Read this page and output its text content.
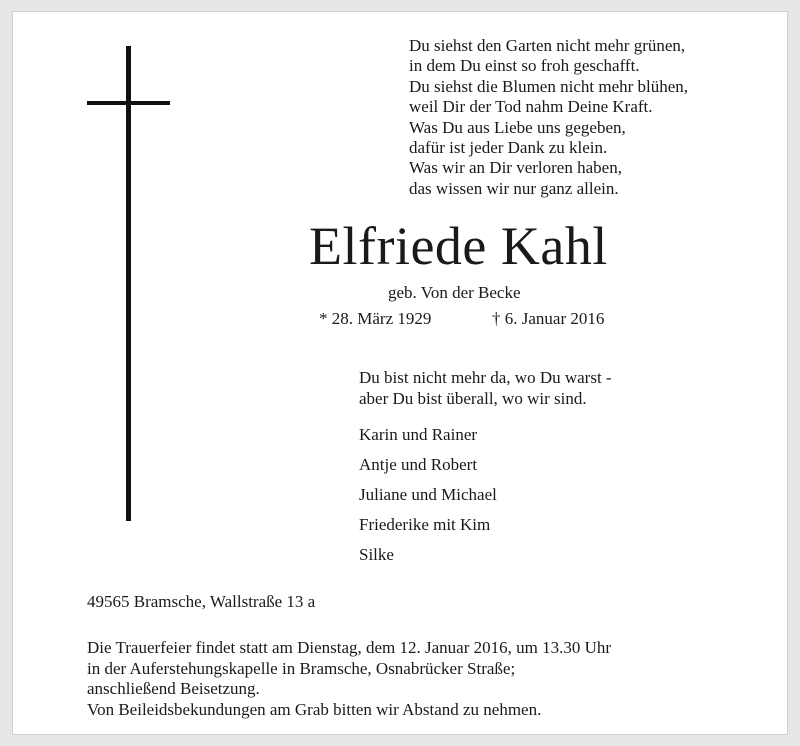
Du siehst den Garten nicht mehr grünen,
in dem Du einst so froh geschafft.
Du siehst die Blumen nicht mehr blühen,
weil Dir der Tod nahm Deine Kraft.
Was Du aus Liebe uns gegeben,
dafür ist jeder Dank zu klein.
Was wir an Dir verloren haben,
das wissen wir nur ganz allein.
Elfriede Kahl
geb. Von der Becke
* 28. März 1929	† 6. Januar 2016
Du bist nicht mehr da, wo Du warst -
aber Du bist überall, wo wir sind.
Karin und Rainer
Antje und Robert
Juliane und Michael
Friederike mit Kim
Silke
49565 Bramsche, Wallstraße 13 a
Die Trauerfeier findet statt am Dienstag, dem 12. Januar 2016, um 13.30 Uhr
in der Auferstehungskapelle in Bramsche, Osnabrücker Straße;
anschließend Beisetzung.
Von Beileidsbekundungen am Grab bitten wir Abstand zu nehmen.
